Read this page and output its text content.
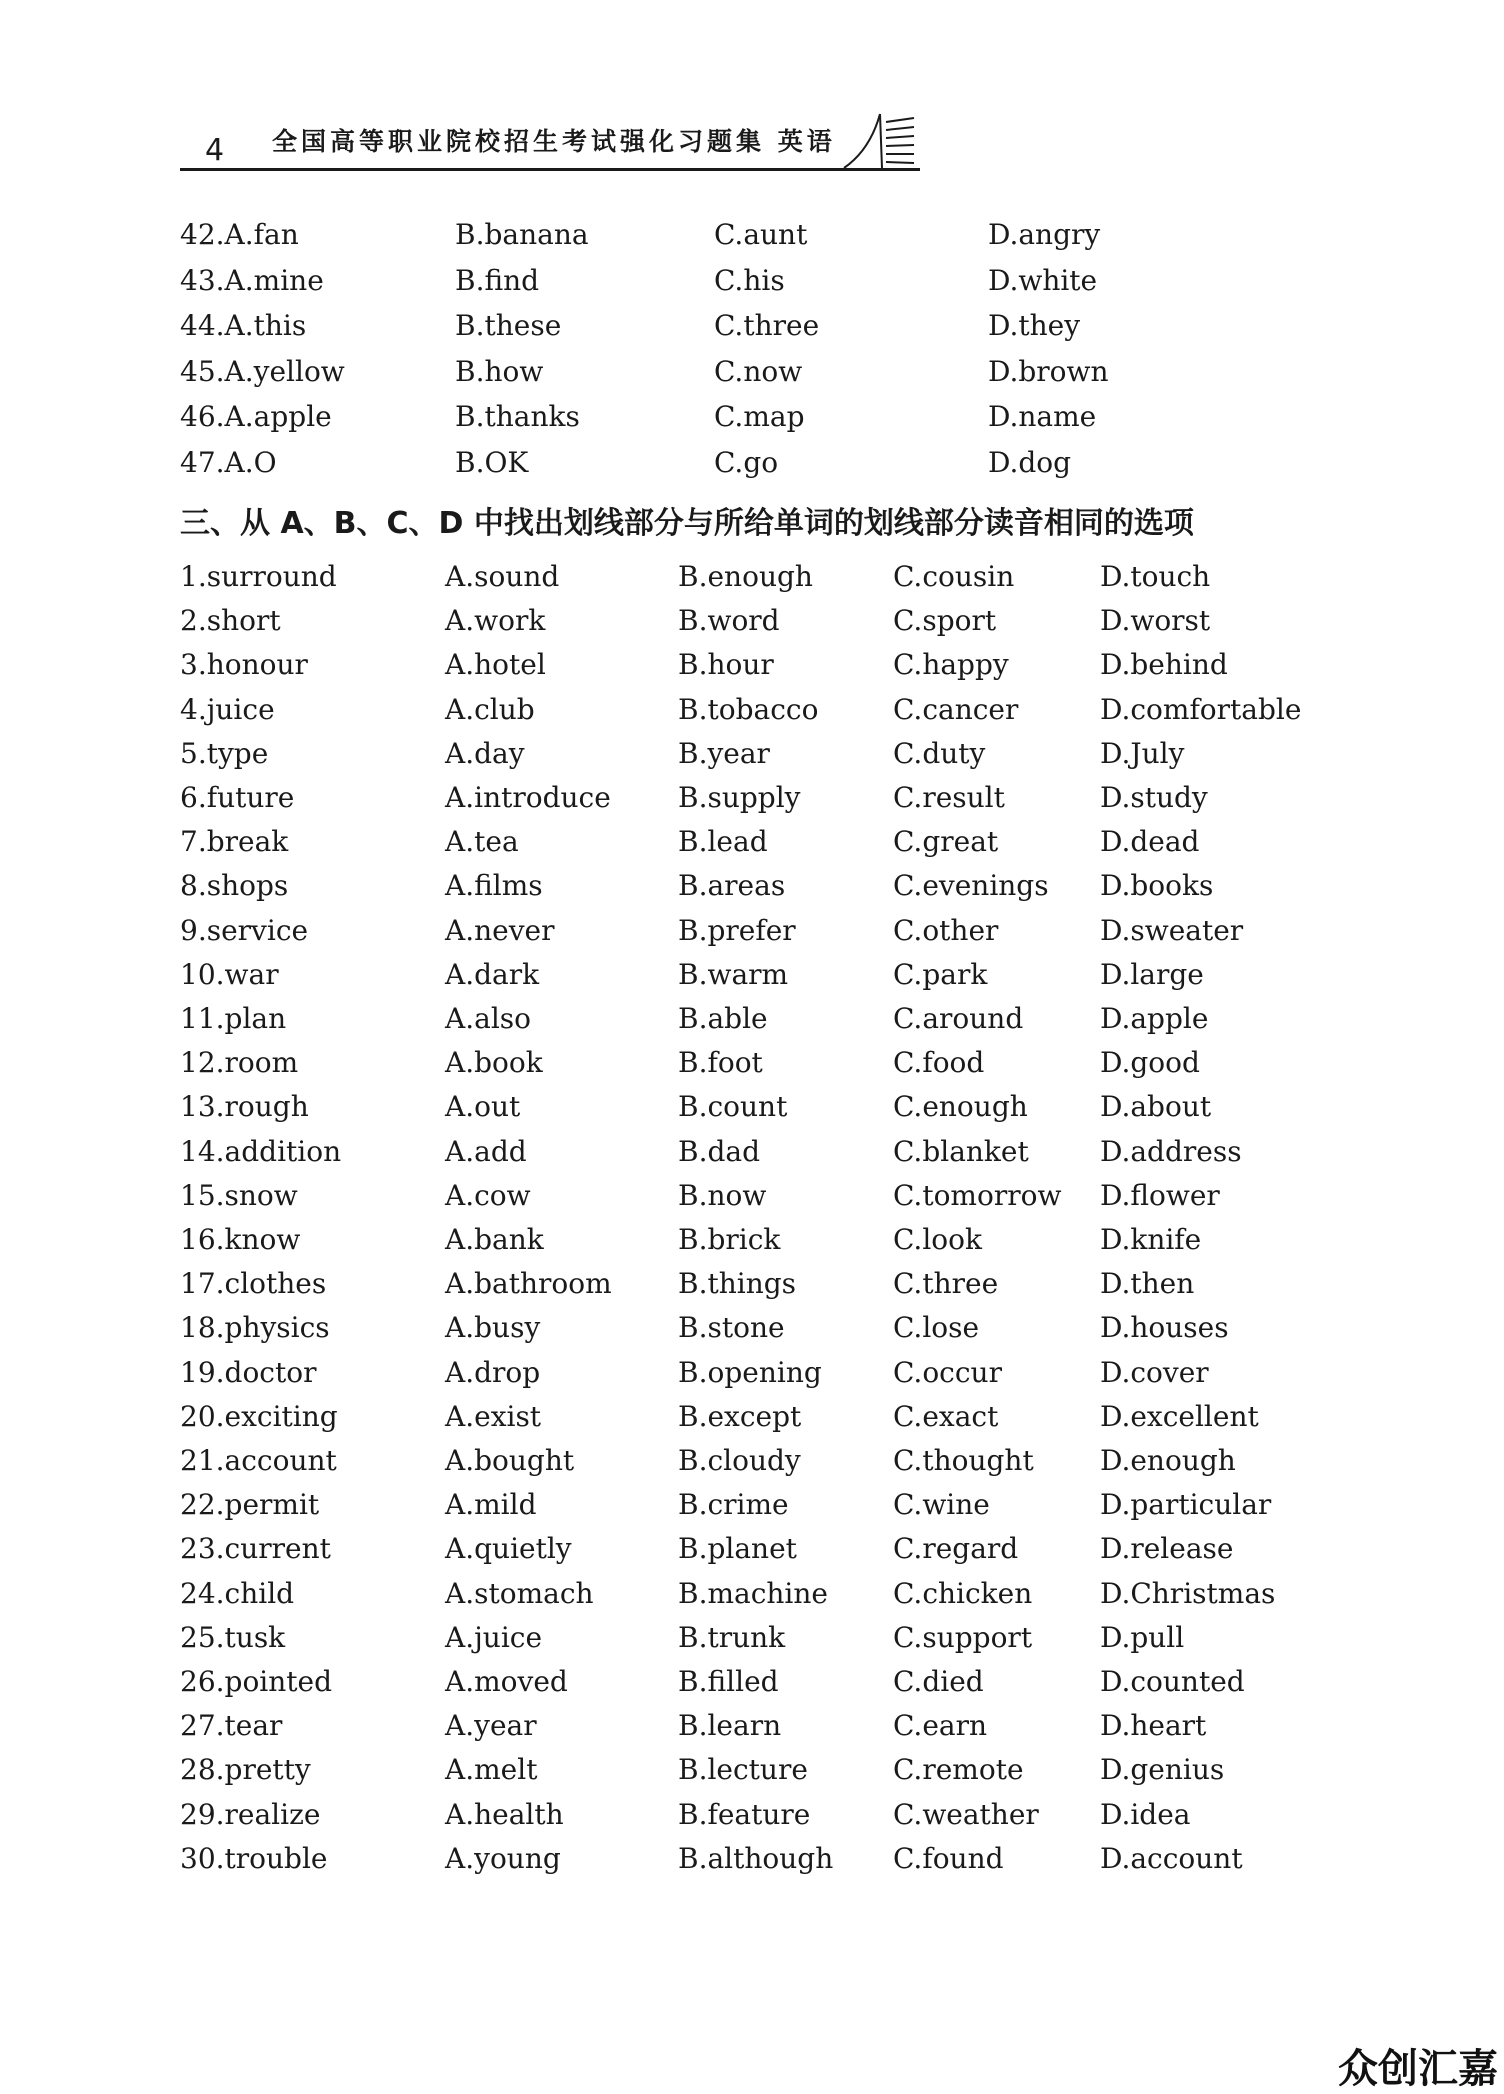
4 全国高等职业院校招生考试强化习题集 英语
42.A.fan	B.banana	C.aunt	D.angry
43.A.mine	B.find	C.his	D.white
44.A.this	B.these	C.three	D.they
45.A.yellow	B.how	C.now	D.brown
46.A.apple	B.thanks	C.map	D.name
47.A.O	B.OK	C.go	D.dog
三、从 A、B、C、D 中找出划线部分与所给单词的划线部分读音相同的选项
1.surround	A.sound	B.enough	C.cousin	D.touch
2.short	A.work	B.word	C.sport	D.worst
3.honour	A.hotel	B.hour	C.happy	D.behind
4.juice	A.club	B.tobacco	C.cancer	D.comfortable
5.type	A.day	B.year	C.duty	D.July
6.future	A.introduce B.supply	C.result	D.study
7.break	A.tea	B.lead	C.great	D.dead
8.shops	A.films	B.areas	C.evenings D.books
9.service	A.never	B.prefer	C.other	D.sweater
10.war	A.dark	B.warm	C.park	D.large
11.plan	A.also	B.able	C.around	D.apple
12.room	A.book	B.foot	C.food	D.good
13.rough	A.out	B.count	C.enough	D.about
14.addition	A.add	B.dad	C.blanket	D.address
15.snow	A.cow	B.now	C.tomorrow D.flower
16.know	A.bank	B.brick	C.look	D.knife
17.clothes	A.bathroom B.things	C.three	D.then
18.physics	A.busy	B.stone	C.lose	D.houses
19.doctor	A.drop	B.opening	C.occur	D.cover
20.exciting	A.exist	B.except	C.exact	D.excellent
21.account	A.bought	B.cloudy	C.thought D.enough
22.permit	A.mild	B.crime	C.wine	D.particular
23.current	A.quietly	B.planet	C.regard	D.release
24.child	A.stomach	B.machine C.chicken D.Christmas
25.tusk	A.juice	B.trunk	C.support D.pull
26.pointed	A.moved	B.filled	C.died	D.counted
27.tear	A.year	B.learn	C.earn	D.heart
28.pretty	A.melt	B.lecture	C.remote	D.genius
29.realize	A.health	B.feature	C.weather D.idea
30.trouble	A.young	B.although C.found	D.account
众创汇嘉
